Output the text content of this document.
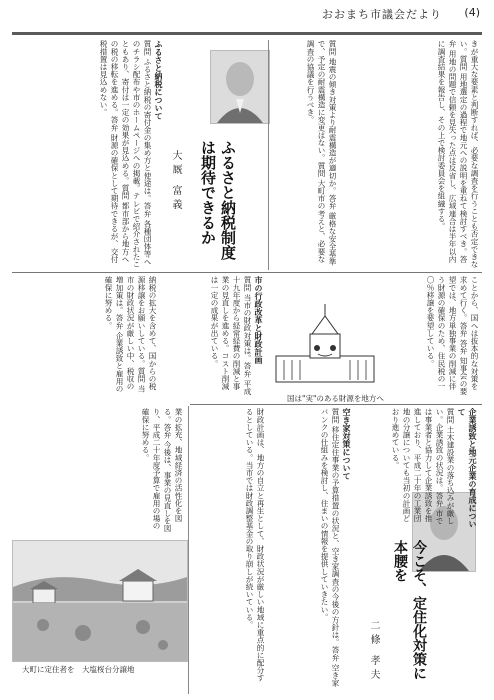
おおまち市議会だより (4)

きが重大な要素と判断すれば、必要な調査を行うことも否定できない。質問 用地選定の過程で地元への説明を重ねて検討すべき。答弁 用地の問題で信頼を見失った点は反省し、広域連合は半年以内に調査結果を報告し、その上で検討委員会を組織する。

ふるさと納税制度は期待できるか
大厩 富義

ふるさと納税について

質問 ふるさと納税の寄付金の集め方と使途は。答弁 各種団体等へのチラシ配布や市のホームページへの掲載。テレビで紹介されたこともあり、寄付は一定の効果が見込める。質問 都市部から地方への税の移転を進める。答弁 財源の確保として期待できるが、交付税措置は見込めない。	質問 地震の傾き対策より耐震構造が適切か。答弁 厳格な安全基準で、予定の耐震構造に変更はない。質問 大町市の考えと、必要な調査の協議を行うべき。

ことから、国へは抜本的な対策を求めて行く。答弁 答弁 知事会の要望では、地方単独事業の削減に伴う財源の確保のため、住民税の一〇％移譲を要望している。

納税の拡大を含めて、国からの税源移譲をお願いしている。質問 当市の財政状況が厳しい中、税収の増加策は。答弁 企業誘致と雇用の確保に努める。	市の行政改革と財政計画

質問 当市の財政対策は。答弁 平成十九年度から経常経費の削減と事業の見直しを進める。コスト削減は一定の成果が出ている。

国は"実"のある財源を地方へ
今こそ、定住化対策に本腰を
二條 孝夫

企業誘致と地元企業の育成について

質問 土木建設業の落ち込みが厳しい。企業誘致の状況は。答弁 市では事業者と協力して企業誘致を推進しており、平成二十年の工業団地の分譲についても当初の計画どおり進めている。

空き家対策について

質問 移住定住事業の予算措置の状況と、空き家調査の今後の方針は。答弁 空き家バンクの仕組みを検討し、住まいの情報を提供していきたい。

財政計画は、地方の自立と再生として、財政状況が厳しい地域に重点的に配分するとしている。当市では財政調整基金の取り崩しが続いている。

業の拡充、地域経済の活性化を図る。答弁 今後は、事業の見直しを図り、平成二十年度予算で雇用の場の確保に努める。

大町に定住者を　大塩桜台分譲地
